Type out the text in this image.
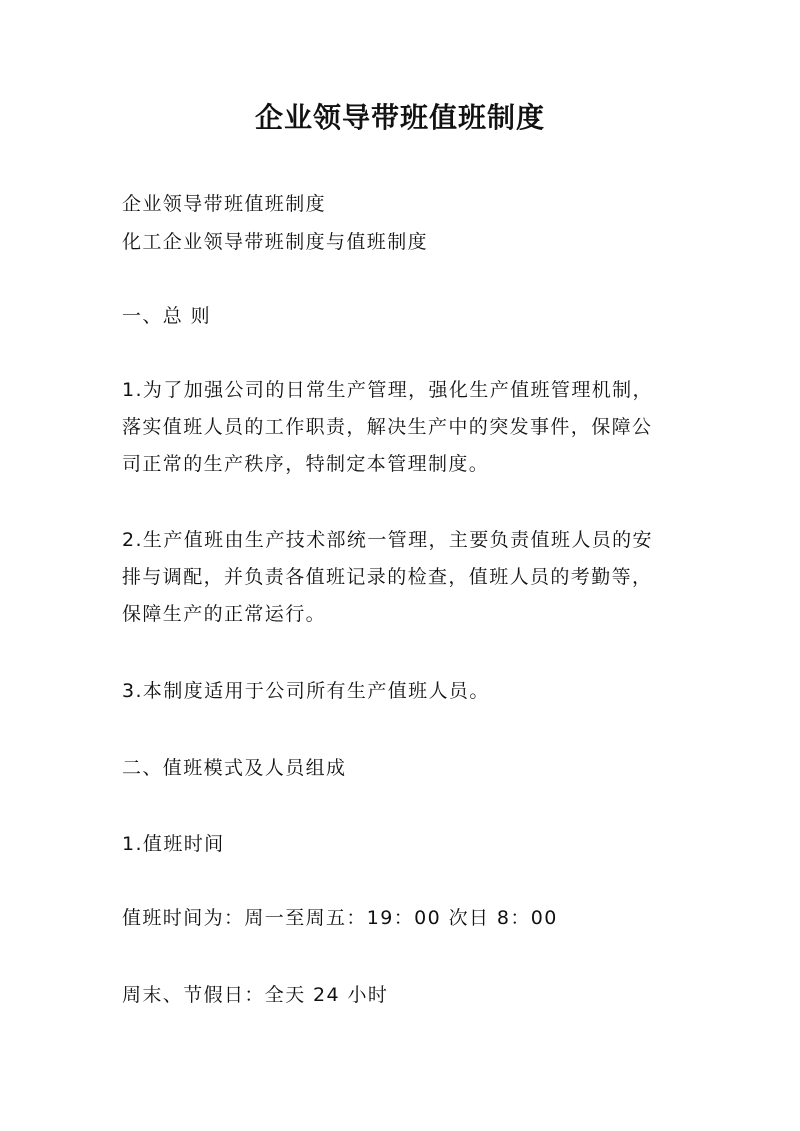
企业领导带班值班制度
企业领导带班值班制度
化工企业领导带班制度与值班制度
一、总 则
1.为了加强公司的日常生产管理，强化生产值班管理机制，
落实值班人员的工作职责，解决生产中的突发事件，保障公
司正常的生产秩序，特制定本管理制度。
2.生产值班由生产技术部统一管理，主要负责值班人员的安
排与调配，并负责各值班记录的检查，值班人员的考勤等，
保障生产的正常运行。
3.本制度适用于公司所有生产值班人员。
二、值班模式及人员组成
1.值班时间
值班时间为：周一至周五：19：00 次日 8：00
周末、节假日：全天 24 小时
